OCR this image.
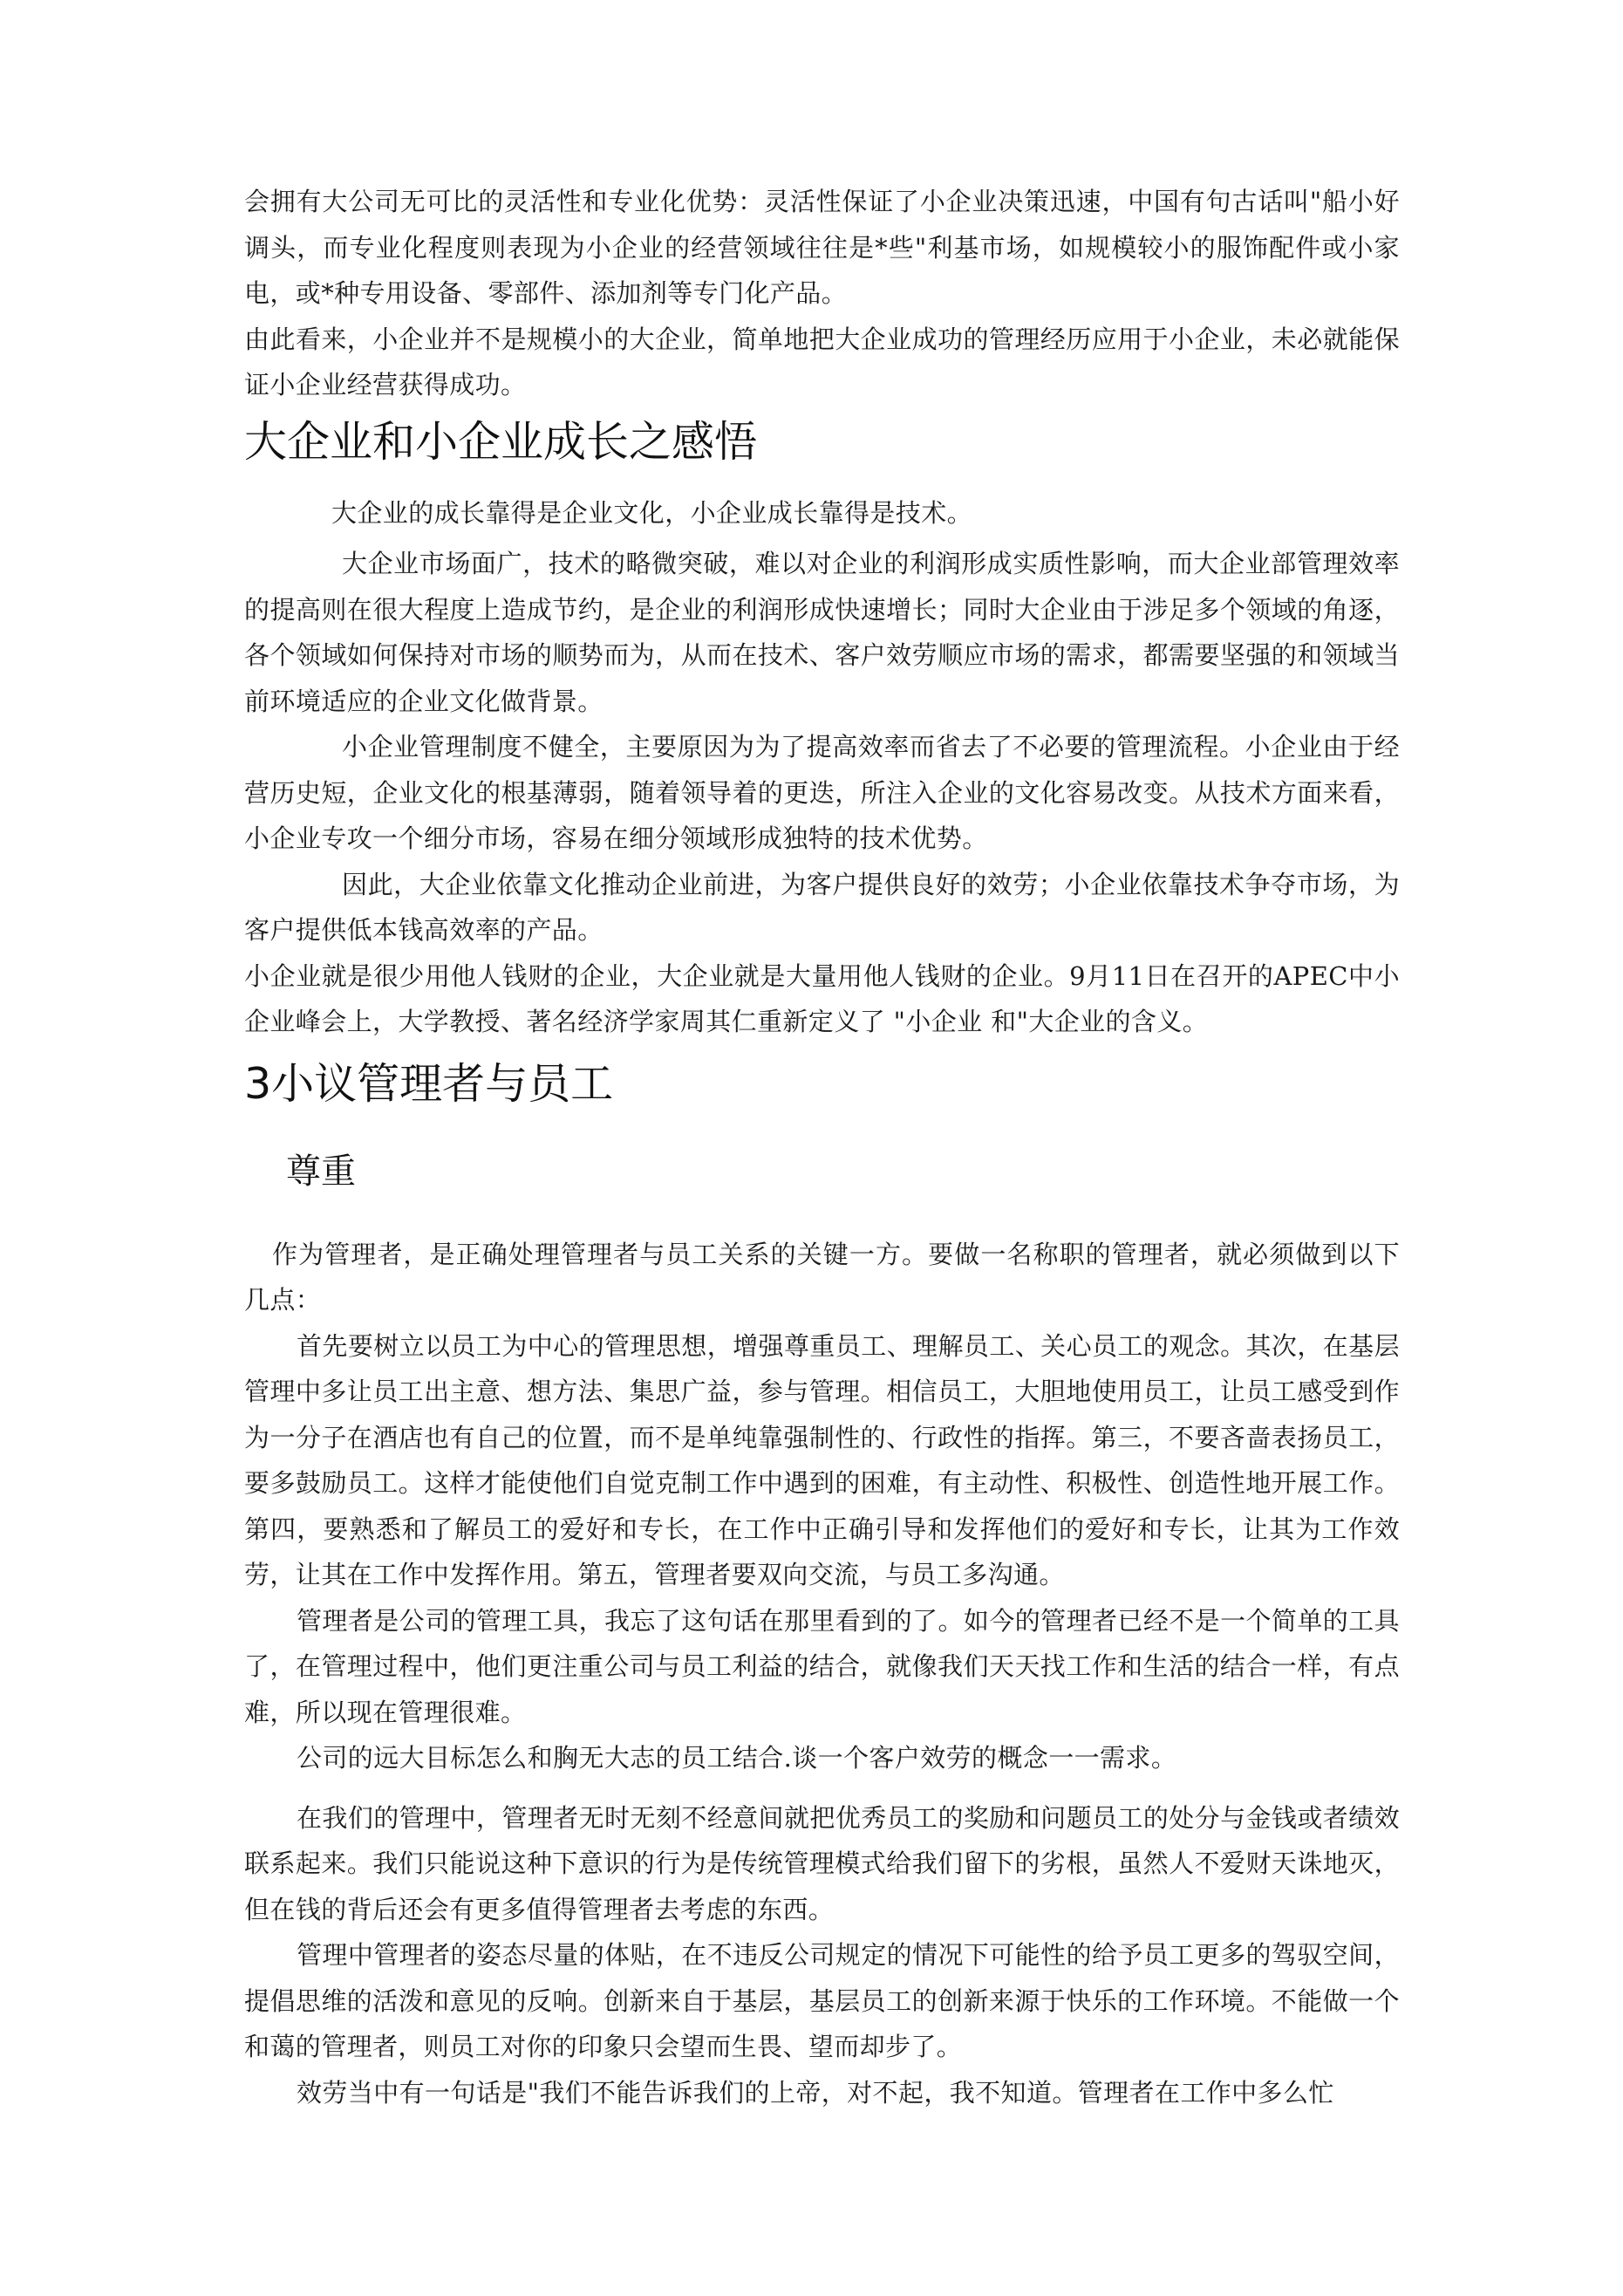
会拥有大公司无可比的灵活性和专业化优势：灵活性保证了小企业决策迅速，中国有句古话叫"船小好调头，而专业化程度则表现为小企业的经营领域往往是*些"利基市场，如规模较小的服饰配件或小家电，或*种专用设备、零部件、添加剂等专门化产品。

由此看来，小企业并不是规模小的大企业，简单地把大企业成功的管理经历应用于小企业，未必就能保证小企业经营获得成功。

大企业和小企业成长之感悟

大企业的成长靠得是企业文化，小企业成长靠得是技术。

大企业市场面广，技术的略微突破，难以对企业的利润形成实质性影响，而大企业部管理效率的提高则在很大程度上造成节约，是企业的利润形成快速增长；同时大企业由于涉足多个领域的角逐，各个领域如何保持对市场的顺势而为，从而在技术、客户效劳顺应市场的需求，都需要坚强的和领域当前环境适应的企业文化做背景。

小企业管理制度不健全，主要原因为为了提高效率而省去了不必要的管理流程。小企业由于经营历史短，企业文化的根基薄弱，随着领导着的更迭，所注入企业的文化容易改变。从技术方面来看，小企业专攻一个细分市场，容易在细分领域形成独特的技术优势。

因此，大企业依靠文化推动企业前进，为客户提供良好的效劳；小企业依靠技术争夺市场，为客户提供低本钱高效率的产品。

小企业就是很少用他人钱财的企业，大企业就是大量用他人钱财的企业。9月11日在召开的APEC中小企业峰会上，大学教授、著名经济学家周其仁重新定义了 "小企业 和"大企业的含义。

3小议管理者与员工
尊重

作为管理者，是正确处理管理者与员工关系的关键一方。要做一名称职的管理者，就必须做到以下几点：

首先要树立以员工为中心的管理思想，增强尊重员工、理解员工、关心员工的观念。其次，在基层管理中多让员工出主意、想方法、集思广益，参与管理。相信员工，大胆地使用员工，让员工感受到作为一分子在酒店也有自己的位置，而不是单纯靠强制性的、行政性的指挥。第三，不要吝啬表扬员工，要多鼓励员工。这样才能使他们自觉克制工作中遇到的困难，有主动性、积极性、创造性地开展工作。第四，要熟悉和了解员工的爱好和专长，在工作中正确引导和发挥他们的爱好和专长，让其为工作效劳，让其在工作中发挥作用。第五，管理者要双向交流，与员工多沟通。

管理者是公司的管理工具，我忘了这句话在那里看到的了。如今的管理者已经不是一个简单的工具了，在管理过程中，他们更注重公司与员工利益的结合，就像我们天天找工作和生活的结合一样，有点难，所以现在管理很难。

公司的远大目标怎么和胸无大志的员工结合.谈一个客户效劳的概念一一需求。

在我们的管理中，管理者无时无刻不经意间就把优秀员工的奖励和问题员工的处分与金钱或者绩效联系起来。我们只能说这种下意识的行为是传统管理模式给我们留下的劣根，虽然人不爱财天诛地灭，但在钱的背后还会有更多值得管理者去考虑的东西。

管理中管理者的姿态尽量的体贴，在不违反公司规定的情况下可能性的给予员工更多的驾驭空间，提倡思维的活泼和意见的反响。创新来自于基层，基层员工的创新来源于快乐的工作环境。不能做一个和蔼的管理者，则员工对你的印象只会望而生畏、望而却步了。

效劳当中有一句话是"我们不能告诉我们的上帝，对不起，我不知道。管理者在工作中多么忙
